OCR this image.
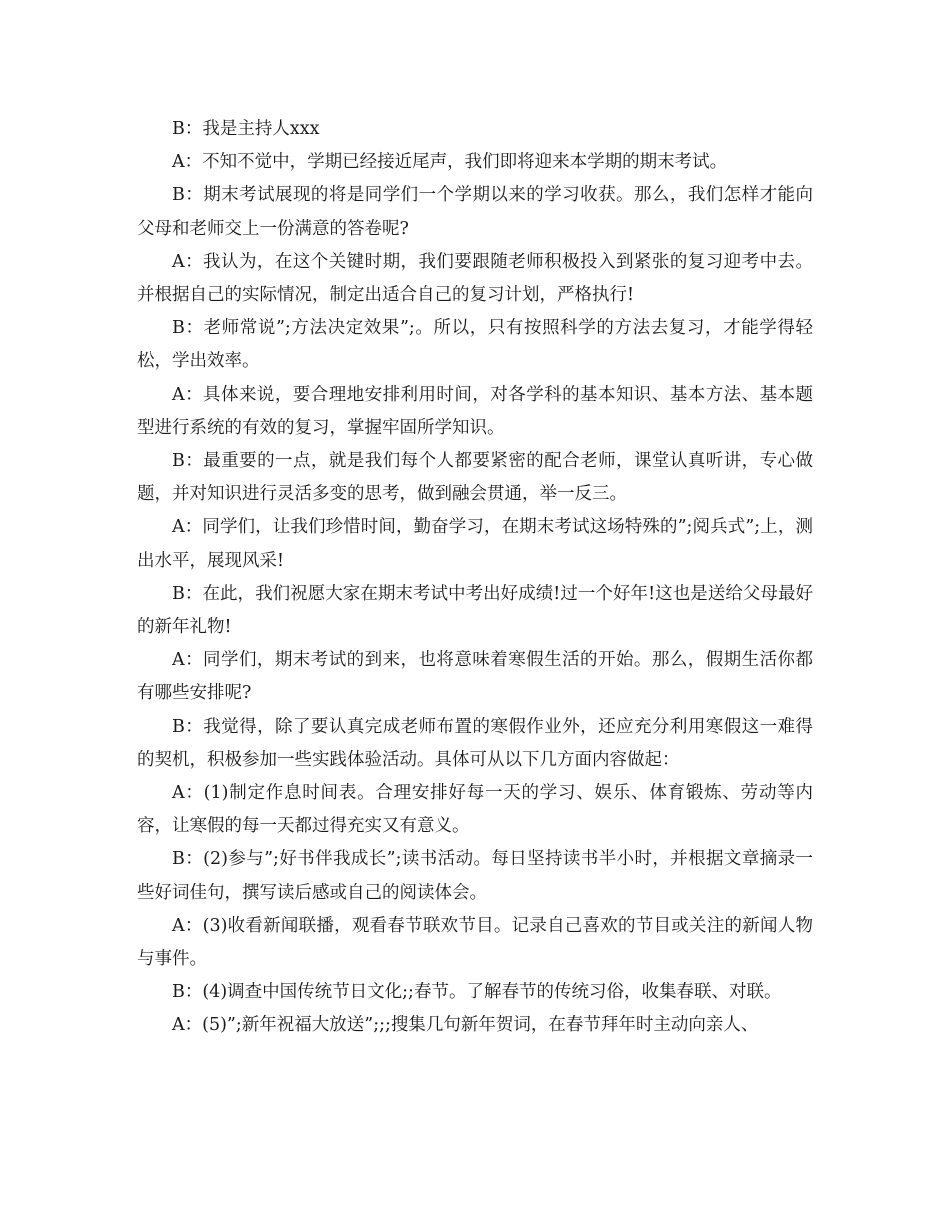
B：我是主持人xxx

A：不知不觉中，学期已经接近尾声，我们即将迎来本学期的期末考试。

B：期末考试展现的将是同学们一个学期以来的学习收获。那么，我们怎样才能向父母和老师交上一份满意的答卷呢?

A：我认为，在这个关键时期，我们要跟随老师积极投入到紧张的复习迎考中去。并根据自己的实际情况，制定出适合自己的复习计划，严格执行!

B：老师常说”;方法决定效果”;。所以，只有按照科学的方法去复习，才能学得轻松，学出效率。

A：具体来说，要合理地安排利用时间，对各学科的基本知识、基本方法、基本题型进行系统的有效的复习，掌握牢固所学知识。

B：最重要的一点，就是我们每个人都要紧密的配合老师，课堂认真听讲，专心做题，并对知识进行灵活多变的思考，做到融会贯通，举一反三。

A：同学们，让我们珍惜时间，勤奋学习，在期末考试这场特殊的”;阅兵式”;上，测出水平，展现风采!

B：在此，我们祝愿大家在期末考试中考出好成绩!过一个好年!这也是送给父母最好的新年礼物!

A：同学们，期末考试的到来，也将意味着寒假生活的开始。那么，假期生活你都有哪些安排呢?

B：我觉得，除了要认真完成老师布置的寒假作业外，还应充分利用寒假这一难得的契机，积极参加一些实践体验活动。具体可从以下几方面内容做起：

A：(1)制定作息时间表。合理安排好每一天的学习、娱乐、体育锻炼、劳动等内容，让寒假的每一天都过得充实又有意义。

B：(2)参与”;好书伴我成长”;读书活动。每日坚持读书半小时，并根据文章摘录一些好词佳句，撰写读后感或自己的阅读体会。

A：(3)收看新闻联播，观看春节联欢节目。记录自己喜欢的节目或关注的新闻人物与事件。

B：(4)调查中国传统节日文化;;春节。了解春节的传统习俗，收集春联、对联。

A：(5)”;新年祝福大放送”;;;搜集几句新年贺词，在春节拜年时主动向亲人、
